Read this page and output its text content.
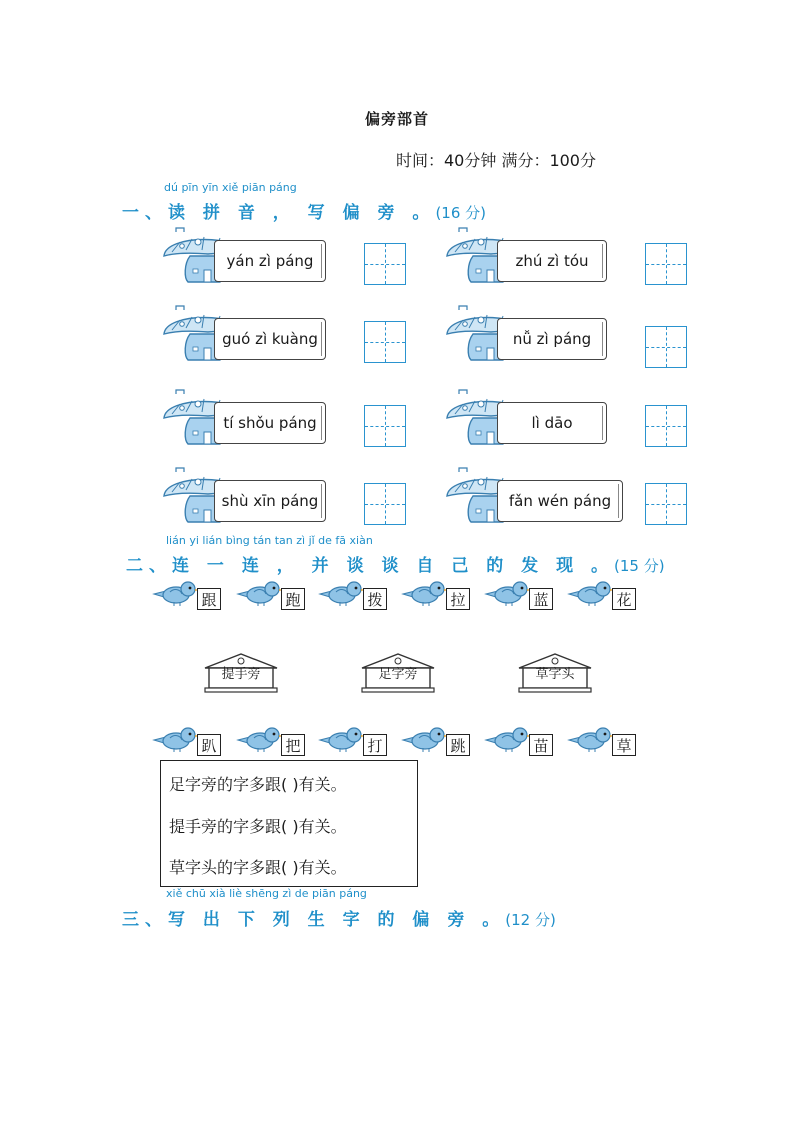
偏旁部首
时间：40分钟 满分：100分
dú pīn yīn xiě piān páng
一、读 拼 音 ， 写 偏 旁 。(16 分)
yán zì páng	zhú zì tóu
guó zì kuàng	nǚ zì páng
tí shǒu páng	lì dāo
shù xīn páng	fǎn wén páng
lián yi lián bìng tán tan zì jǐ de fā xiàn
二、连 一 连 ， 并 谈 谈 自 己 的 发 现 。(15 分)
跟	跑	拨	拉	蓝	花
提手旁	足字旁	草字头
趴	把	打	跳	苗	草
足字旁的字多跟( )有关。
提手旁的字多跟( )有关。
草字头的字多跟( )有关。
xiě chū xià liè shēng zì de piān páng
三、写 出 下 列 生 字 的 偏 旁 。(12 分)
